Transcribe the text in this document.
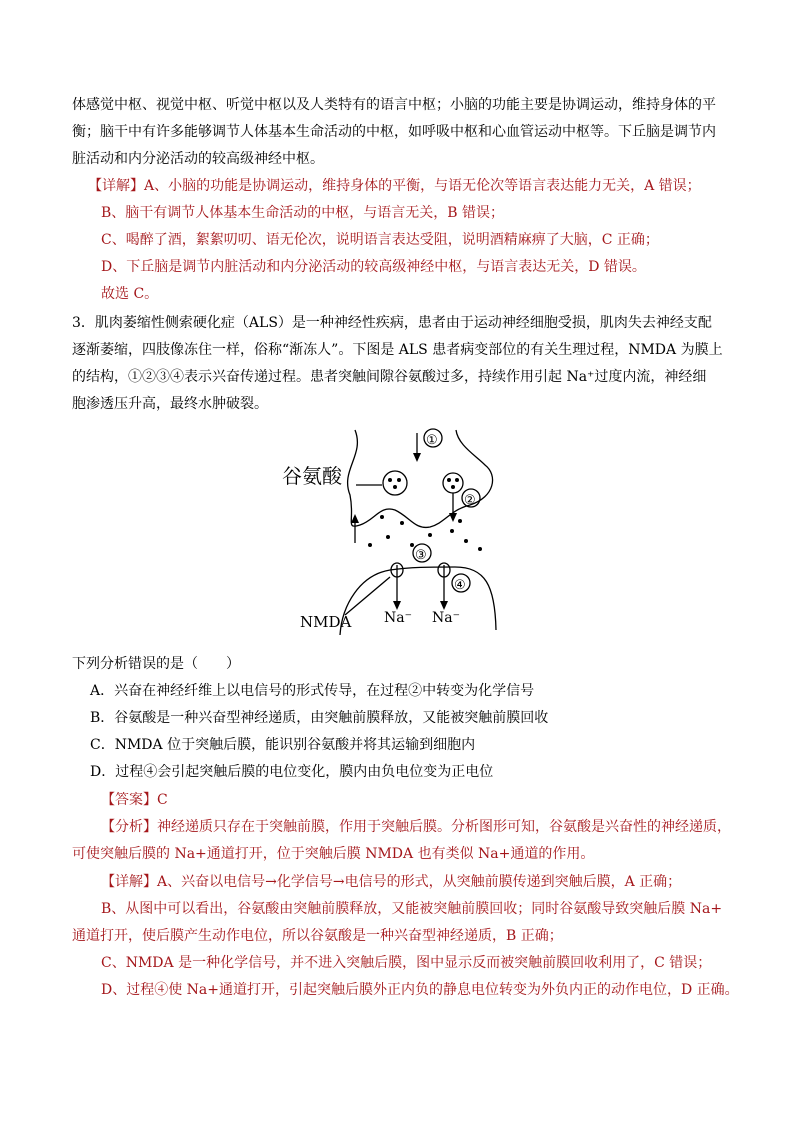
体感觉中枢、视觉中枢、听觉中枢以及人类特有的语言中枢；小脑的功能主要是协调运动，维持身体的平
衡；脑干中有许多能够调节人体基本生命活动的中枢，如呼吸中枢和心血管运动中枢等。下丘脑是调节内
脏活动和内分泌活动的较高级神经中枢。
【详解】A、小脑的功能是协调运动，维持身体的平衡，与语无伦次等语言表达能力无关，A 错误；
B、脑干有调节人体基本生命活动的中枢，与语言无关，B 错误；
C、喝醉了酒，絮絮叨叨、语无伦次，说明语言表达受阻，说明酒精麻痹了大脑，C 正确；
D、下丘脑是调节内脏活动和内分泌活动的较高级神经中枢，与语言表达无关，D 错误。
故选 C。
3．肌肉萎缩性侧索硬化症（ALS）是一种神经性疾病，患者由于运动神经细胞受损，肌肉失去神经支配
逐渐萎缩，四肢像冻住一样，俗称“渐冻人”。下图是 ALS 患者病变部位的有关生理过程，NMDA 为膜上
的结构，①②③④表示兴奋传递过程。患者突触间隙谷氨酸过多，持续作用引起 Na⁺过度内流，神经细
胞渗透压升高，最终水肿破裂。
谷氨酸
①
②
③
④
NMDA Na⁻ Na⁻
下列分析错误的是（　　）
A．兴奋在神经纤维上以电信号的形式传导，在过程②中转变为化学信号
B．谷氨酸是一种兴奋型神经递质，由突触前膜释放，又能被突触前膜回收
C．NMDA 位于突触后膜，能识别谷氨酸并将其运输到细胞内
D．过程④会引起突触后膜的电位变化，膜内由负电位变为正电位
【答案】C
【分析】神经递质只存在于突触前膜，作用于突触后膜。分析图形可知，谷氨酸是兴奋性的神经递质，
可使突触后膜的 Na+通道打开，位于突触后膜 NMDA 也有类似 Na+通道的作用。
【详解】A、兴奋以电信号→化学信号→电信号的形式，从突触前膜传递到突触后膜，A 正确；
B、从图中可以看出，谷氨酸由突触前膜释放，又能被突触前膜回收；同时谷氨酸导致突触后膜 Na+
通道打开，使后膜产生动作电位，所以谷氨酸是一种兴奋型神经递质，B 正确；
C、NMDA 是一种化学信号，并不进入突触后膜，图中显示反而被突触前膜回收利用了，C 错误；
D、过程④使 Na+通道打开，引起突触后膜外正内负的静息电位转变为外负内正的动作电位，D 正确。
